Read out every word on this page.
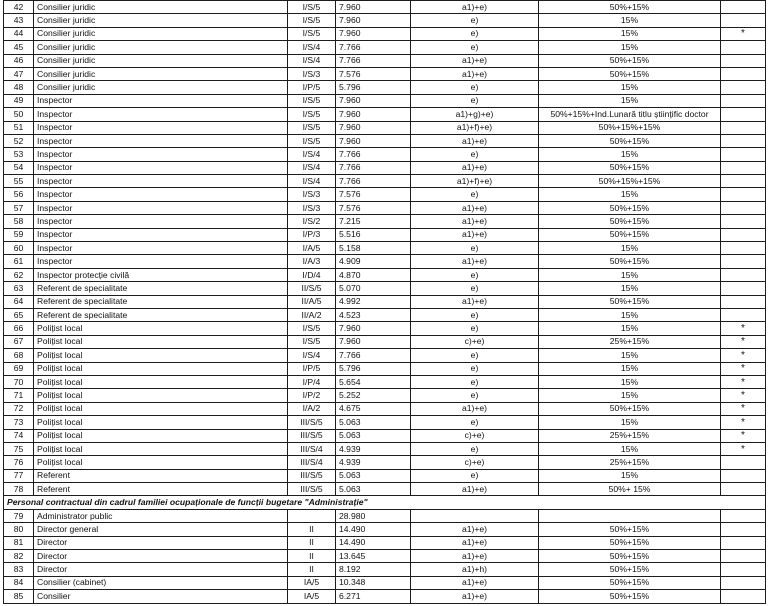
42	Consilier juridic	I/S/5	7.960	a1)+e)	50%+15%	
43	Consilier juridic	I/S/5	7.960	e)	15%	
44	Consilier juridic	I/S/5	7.960	e)	15%	*
45	Consilier juridic	I/S/4	7.766	e)	15%	
46	Consilier juridic	I/S/4	7.766	a1)+e)	50%+15%	
47	Consilier juridic	I/S/3	7.576	a1)+e)	50%+15%	
48	Consilier juridic	I/P/5	5.796	e)	15%	
49	Inspector	I/S/5	7.960	e)	15%	
50	Inspector	I/S/5	7.960	a1)+g)+e)	50%+15%+Ind.Lunară titlu științific doctor	
51	Inspector	I/S/5	7.960	a1)+f)+e)	50%+15%+15%	
52	Inspector	I/S/5	7.960	a1)+e)	50%+15%	
53	Inspector	I/S/4	7.766	e)	15%	
54	Inspector	I/S/4	7.766	a1)+e)	50%+15%	
55	Inspector	I/S/4	7.766	a1)+f)+e)	50%+15%+15%	
56	Inspector	I/S/3	7.576	e)	15%	
57	Inspector	I/S/3	7.576	a1)+e)	50%+15%	
58	Inspector	I/S/2	7.215	a1)+e)	50%+15%	
59	Inspector	I/P/3	5.516	a1)+e)	50%+15%	
60	Inspector	I/A/5	5.158	e)	15%	
61	Inspector	I/A/3	4.909	a1)+e)	50%+15%	
62	Inspector protecție civilă	I/D/4	4.870	e)	15%	
63	Referent de specialitate	II/S/5	5.070	e)	15%	
64	Referent de specialitate	II/A/5	4.992	a1)+e)	50%+15%	
65	Referent de specialitate	II/A/2	4.523	e)	15%	
66	Polițist local	I/S/5	7.960	e)	15%	*
67	Polițist local	I/S/5	7.960	c)+e)	25%+15%	*
68	Polițist local	I/S/4	7.766	e)	15%	*
69	Polițist local	I/P/5	5.796	e)	15%	*
70	Polițist local	I/P/4	5.654	e)	15%	*
71	Polițist local	I/P/2	5.252	e)	15%	*
72	Polițist local	I/A/2	4.675	a1)+e)	50%+15%	*
73	Polițist local	III/S/5	5.063	e)	15%	*
74	Polițist local	III/S/5	5.063	c)+e)	25%+15%	*
75	Polițist local	III/S/4	4.939	e)	15%	*
76	Polițist local	III/S/4	4.939	c)+e)	25%+15%	
77	Referent	III/S/5	5.063	e)	15%	
78	Referent	III/S/5	5.063	a1)+e)	50%+ 15%	
Personal contractual din cadrul familiei ocupaționale de funcții bugetare "Administrație"						
79	Administrator public		28.980			
80	Director general	II	14.490	a1)+e)	50%+15%	
81	Director	II	14.490	a1)+e)	50%+15%	
82	Director	II	13.645	a1)+e)	50%+15%	
83	Director	II	8.192	a1)+h)	50%+15%	
84	Consilier (cabinet)	IA/5	10.348	a1)+e)	50%+15%	
85	Consilier	IA/5	6.271	a1)+e)	50%+15%	
